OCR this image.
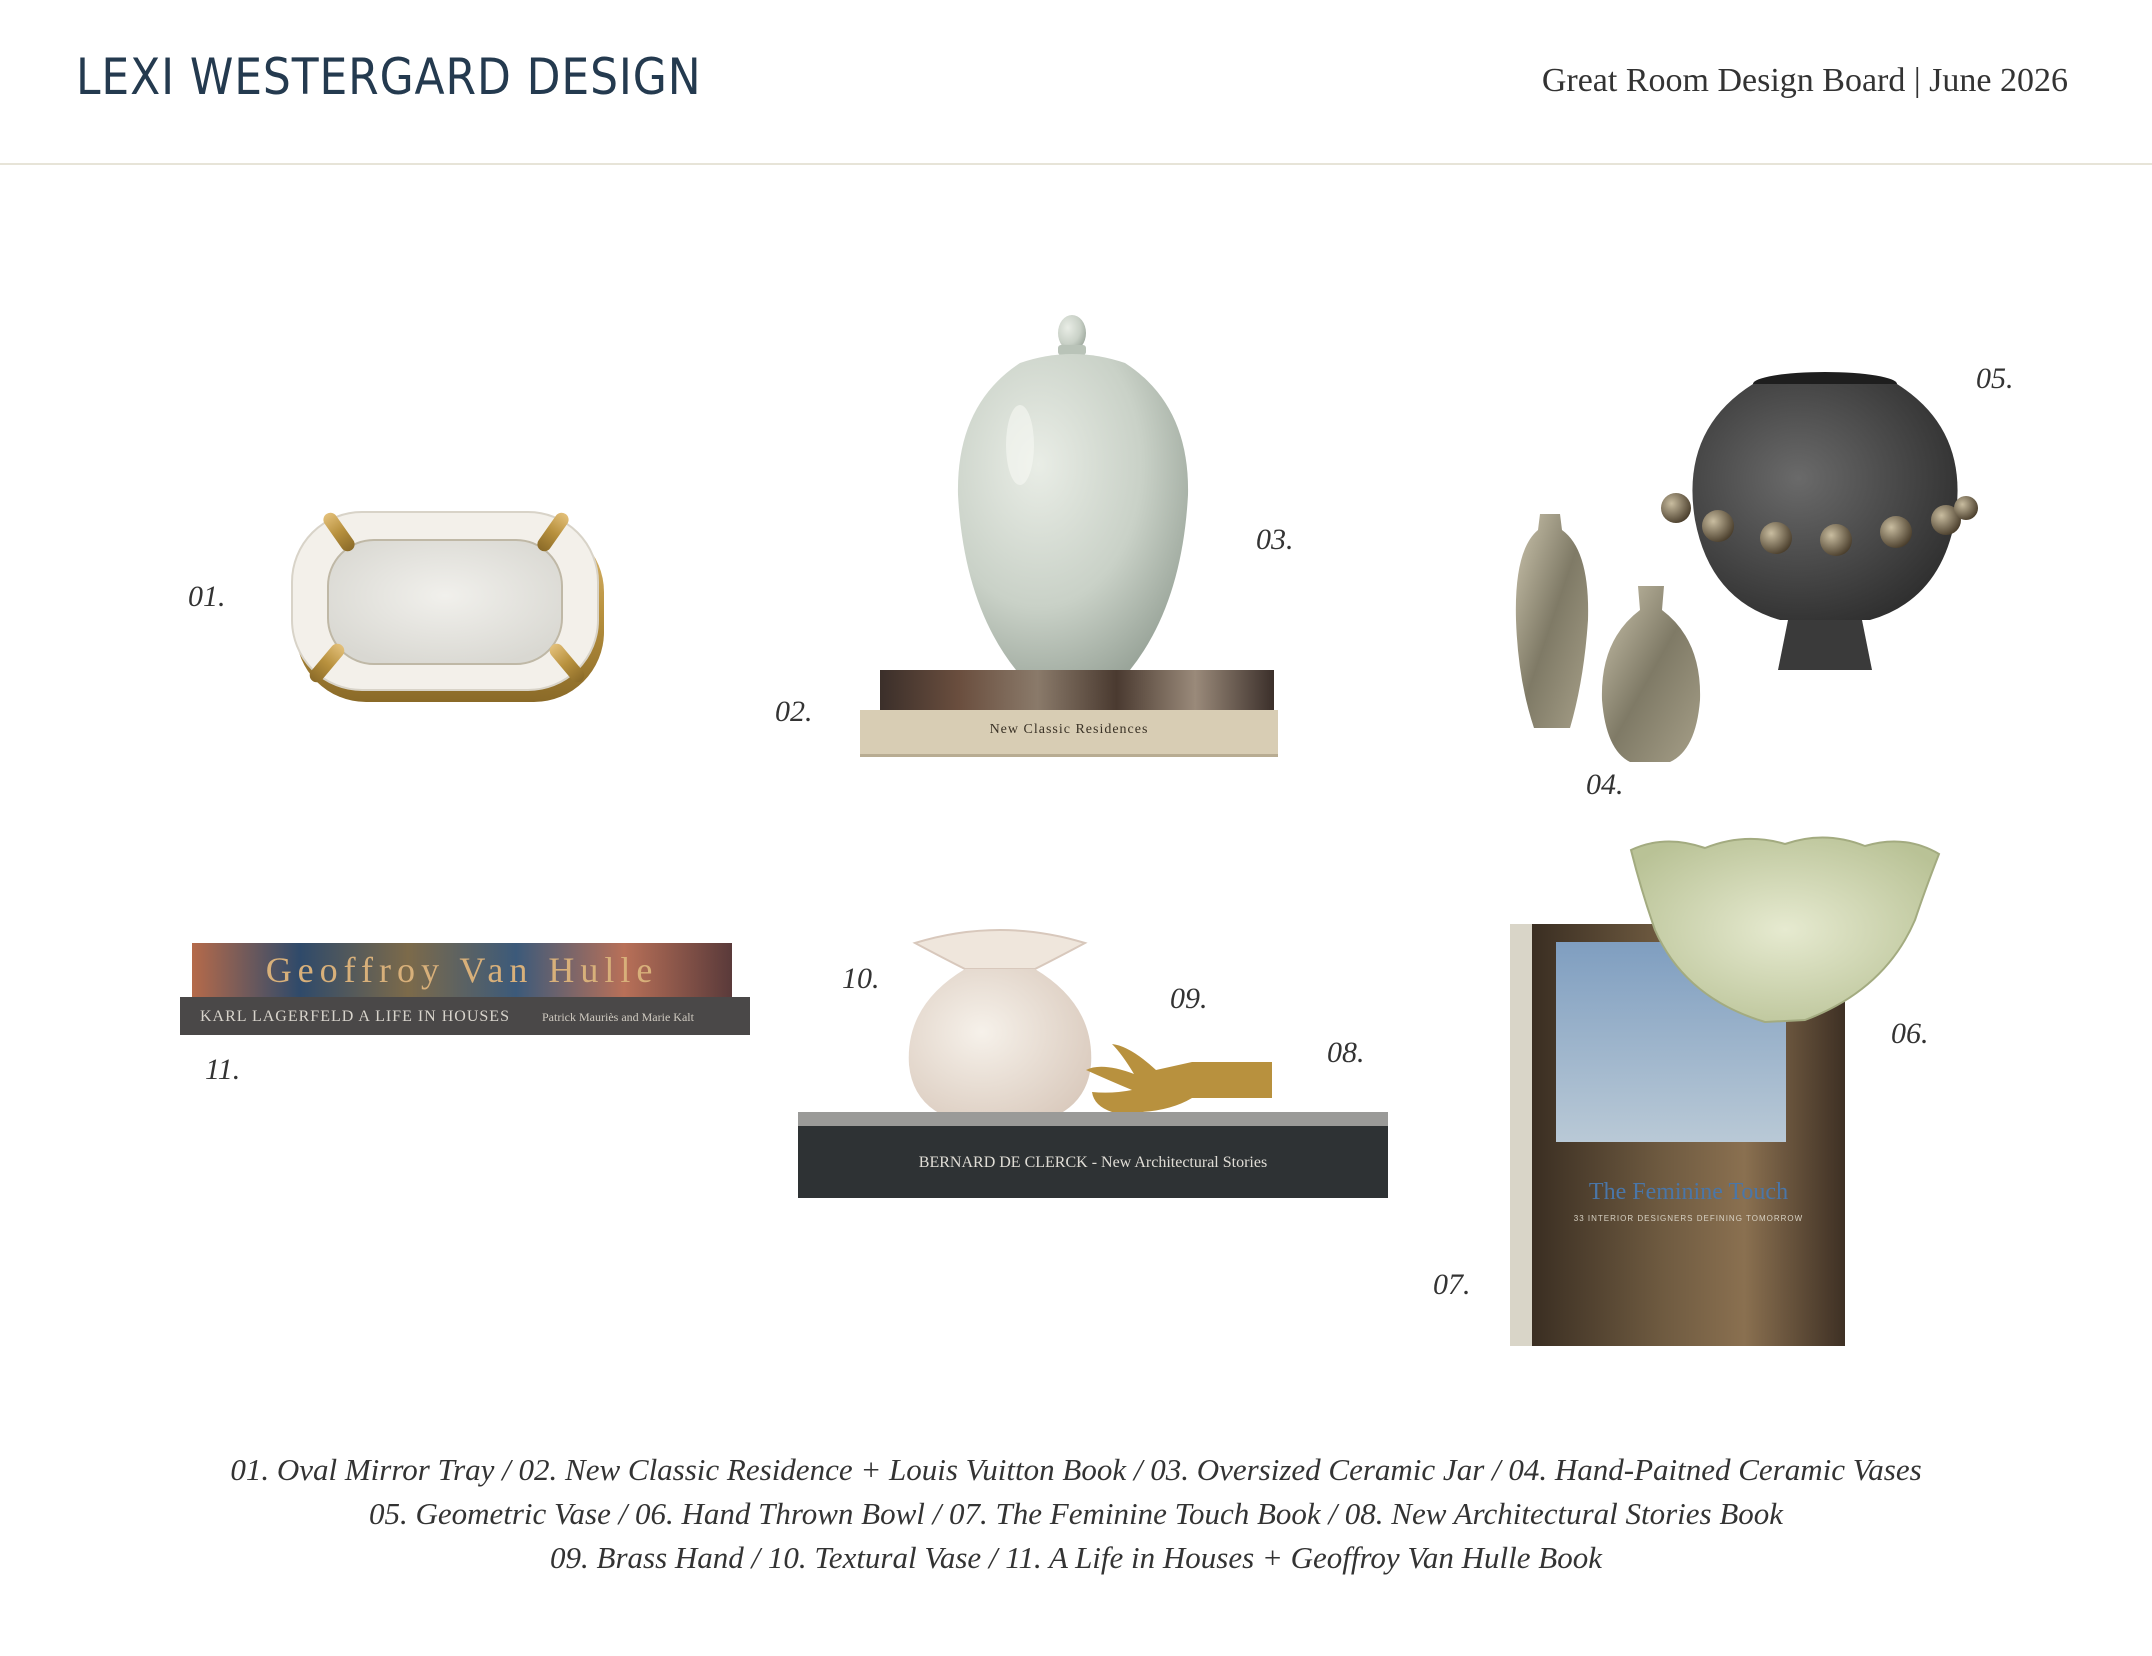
LEXI WESTERGARD DESIGN	Great Room Design Board | June 2026
01.
03.
02.
New Classic Residences
04.
05.
11.
Geoffroy Van Hulle
KARL LAGERFELD A LIFE IN HOUSES	Patrick Mauriès and Marie Kalt
10.
09.
08.
BERNARD DE CLERCK - New Architectural Stories
07.
The Feminine Touch
33 INTERIOR DESIGNERS DEFINING TOMORROW
06.
01. Oval Mirror Tray / 02. New Classic Residence + Louis Vuitton Book / 03. Oversized Ceramic Jar / 04. Hand-Paitned Ceramic Vases
05. Geometric Vase / 06. Hand Thrown Bowl / 07. The Feminine Touch Book / 08. New Architectural Stories Book
09. Brass Hand / 10. Textural Vase / 11. A Life in Houses + Geoffroy Van Hulle Book
